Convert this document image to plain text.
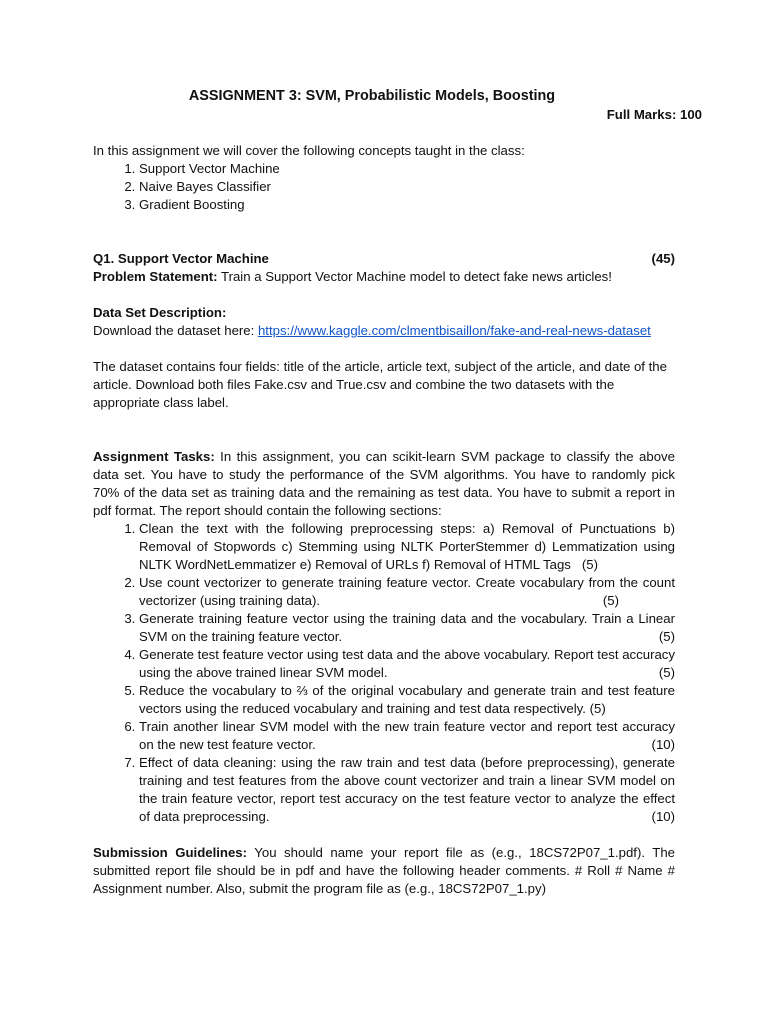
ASSIGNMENT 3: SVM, Probabilistic Models, Boosting
Full Marks: 100

In this assignment we will cover the following concepts taught in the class:

1. Support Vector Machine
2. Naive Bayes Classifier
3. Gradient Boosting
Q1. Support Vector Machine	(45)

Problem Statement: Train a Support Vector Machine model to detect fake news articles!

Data Set Description:

Download the dataset here: https://www.kaggle.com/clmentbisaillon/fake-and-real-news-dataset

The dataset contains four fields: title of the article, article text, subject of the article, and date of the article. Download both files Fake.csv and True.csv and combine the two datasets with the appropriate class label.

Assignment Tasks: In this assignment, you can scikit-learn SVM package to classify the above data set. You have to study the performance of the SVM algorithms. You have to randomly pick 70% of the data set as training data and the remaining as test data. You have to submit a report in pdf format. The report should contain the following sections:

1. Clean the text with the following preprocessing steps: a) Removal of Punctuations b) Removal of Stopwords c) Stemming using NLTK PorterStemmer d) Lemmatization using NLTK WordNetLemmatizer e) Removal of URLs f) Removal of HTML Tags (5)
2. Use count vectorizer to generate training feature vector. Create vocabulary from the count vectorizer (using training data).	(5)
3. Generate training feature vector using the training data and the vocabulary. Train a Linear SVM on the training feature vector.	(5)
4. Generate test feature vector using test data and the above vocabulary. Report test accuracy using the above trained linear SVM model.	(5)
5. Reduce the vocabulary to ⅔ of the original vocabulary and generate train and test feature vectors using the reduced vocabulary and training and test data respectively. (5)
6. Train another linear SVM model with the new train feature vector and report test accuracy on the new test feature vector.	(10)
7. Effect of data cleaning: using the raw train and test data (before preprocessing), generate training and test features from the above count vectorizer and train a linear SVM model on the train feature vector, report test accuracy on the test feature vector to analyze the effect of data preprocessing.	(10)

Submission Guidelines: You should name your report file as (e.g., 18CS72P07_1.pdf). The submitted report file should be in pdf and have the following header comments. # Roll # Name # Assignment number. Also, submit the program file as (e.g., 18CS72P07_1.py)
